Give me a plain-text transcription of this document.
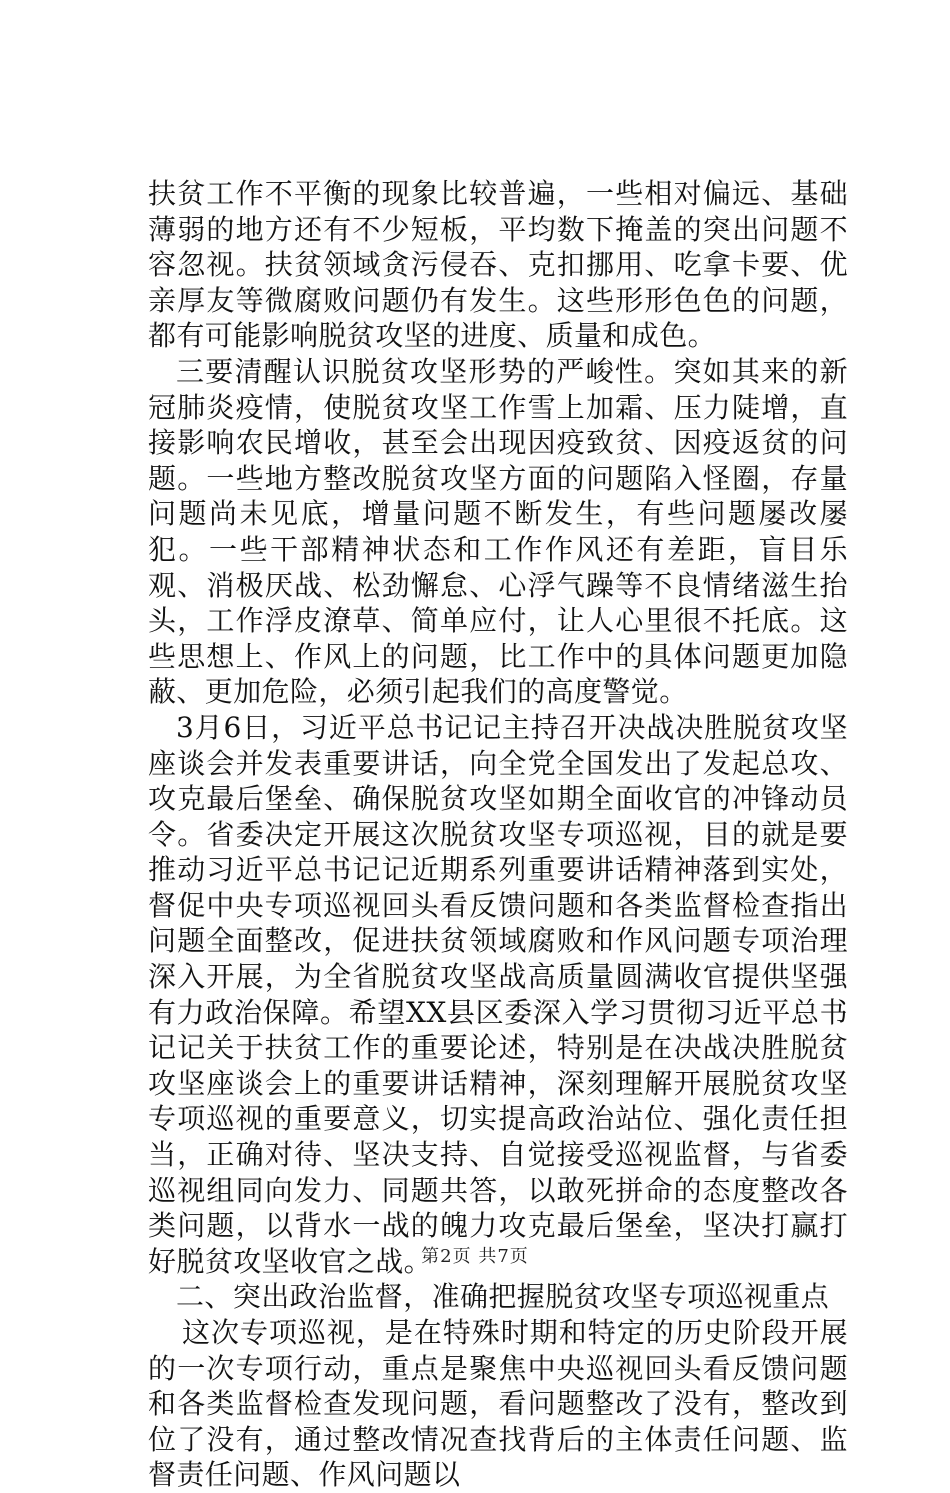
扶贫工作不平衡的现象比较普遍，一些相对偏远、基础薄弱的地方还有不少短板，平均数下掩盖的突出问题不容忽视。扶贫领域贪污侵吞、克扣挪用、吃拿卡要、优亲厚友等微腐败问题仍有发生。这些形形色色的问题，都有可能影响脱贫攻坚的进度、质量和成色。

三要清醒认识脱贫攻坚形势的严峻性。突如其来的新冠肺炎疫情，使脱贫攻坚工作雪上加霜、压力陡增，直接影响农民增收，甚至会出现因疫致贫、因疫返贫的问题。一些地方整改脱贫攻坚方面的问题陷入怪圈，存量问题尚未见底，增量问题不断发生，有些问题屡改屡犯。一些干部精神状态和工作作风还有差距，盲目乐观、消极厌战、松劲懈怠、心浮气躁等不良情绪滋生抬头，工作浮皮潦草、简单应付，让人心里很不托底。这些思想上、作风上的问题，比工作中的具体问题更加隐蔽、更加危险，必须引起我们的高度警觉。

3月6日，习近平总书记记主持召开决战决胜脱贫攻坚座谈会并发表重要讲话，向全党全国发出了发起总攻、攻克最后堡垒、确保脱贫攻坚如期全面收官的冲锋动员令。省委决定开展这次脱贫攻坚专项巡视，目的就是要推动习近平总书记记近期系列重要讲话精神落到实处，督促中央专项巡视回头看反馈问题和各类监督检查指出问题全面整改，促进扶贫领域腐败和作风问题专项治理深入开展，为全省脱贫攻坚战高质量圆满收官提供坚强有力政治保障。希望XX县区委深入学习贯彻习近平总书记记关于扶贫工作的重要论述，特别是在决战决胜脱贫攻坚座谈会上的重要讲话精神，深刻理解开展脱贫攻坚专项巡视的重要意义，切实提高政治站位、强化责任担当，正确对待、坚决支持、自觉接受巡视监督，与省委巡视组同向发力、同题共答，以敢死拼命的态度整改各类问题，以背水一战的魄力攻克最后堡垒，坚决打赢打好脱贫攻坚收官之战。

二、突出政治监督，准确把握脱贫攻坚专项巡视重点

这次专项巡视，是在特殊时期和特定的历史阶段开展的一次专项行动，重点是聚焦中央巡视回头看反馈问题和各类监督检查发现问题，看问题整改了没有，整改到位了没有，通过整改情况查找背后的主体责任问题、监督责任问题、作风问题以

第2页 共7页
